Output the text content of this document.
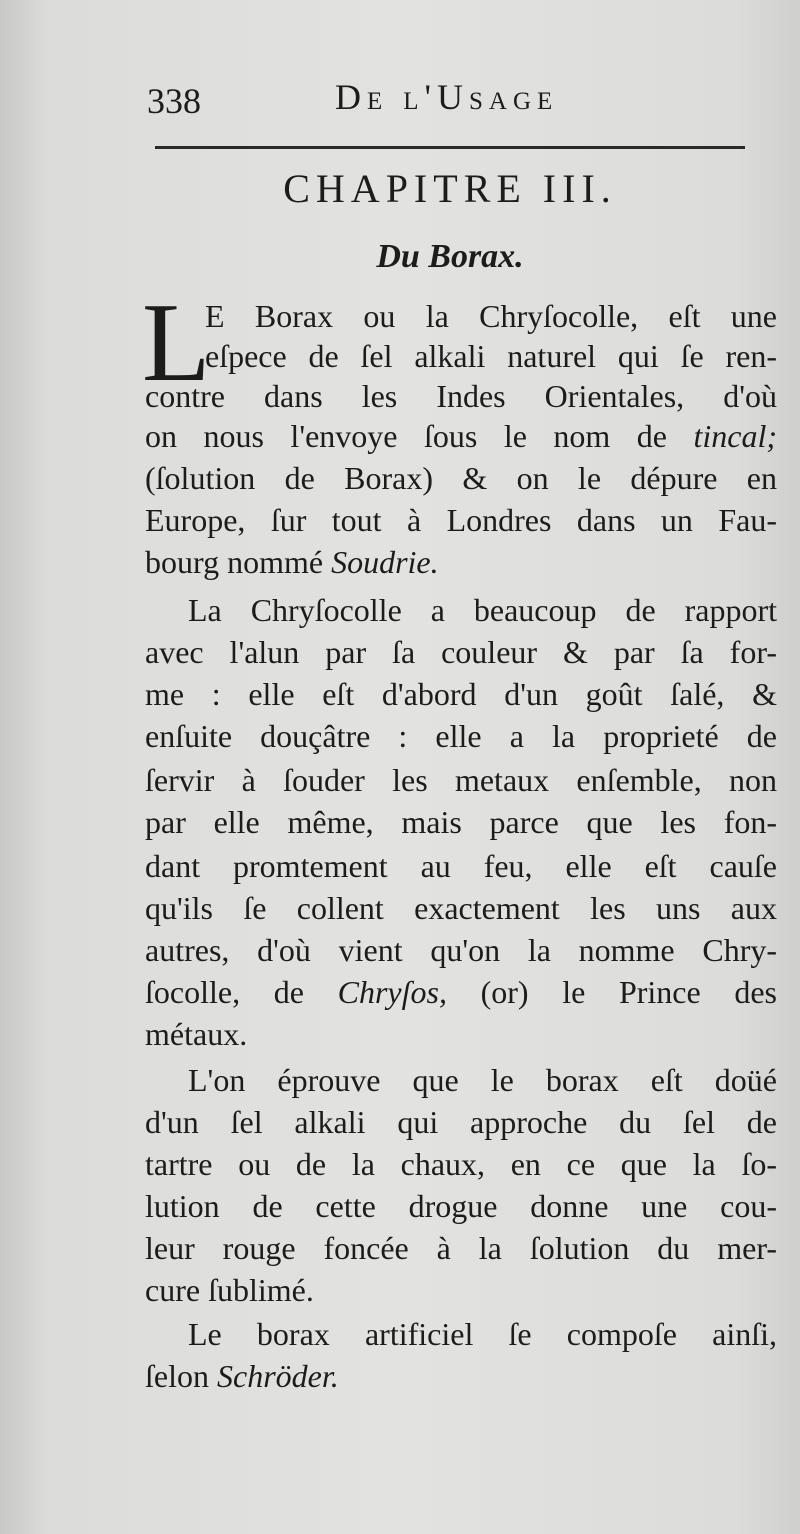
338	De l'Usage
CHAPITRE III.
Du Borax.
L
E Borax ou la Chryſocolle, eſt une
eſpece de ſel alkali naturel qui ſe ren-
contre dans les Indes Orientales, d'où
on nous l'envoye ſous le nom de tincal;
(ſolution de Borax) & on le dépure en
Europe, ſur tout à Londres dans un Fau-
bourg nommé Soudrie.
La Chryſocolle a beaucoup de rapport
avec l'alun par ſa couleur & par ſa for-
me : elle eſt d'abord d'un goût ſalé, &
enſuite douçâtre : elle a la proprieté de
ſervir à ſouder les metaux enſemble, non
par elle même, mais parce que les fon-
dant promtement au feu, elle eſt cauſe
qu'ils ſe collent exactement les uns aux
autres, d'où vient qu'on la nomme Chry-
ſocolle, de Chryſos, (or) le Prince des
métaux.
L'on éprouve que le borax eſt doüé
d'un ſel alkali qui approche du ſel de
tartre ou de la chaux, en ce que la ſo-
lution de cette drogue donne une cou-
leur rouge foncée à la ſolution du mer-
cure ſublimé.
Le borax artificiel ſe compoſe ainſi,
ſelon Schröder.
